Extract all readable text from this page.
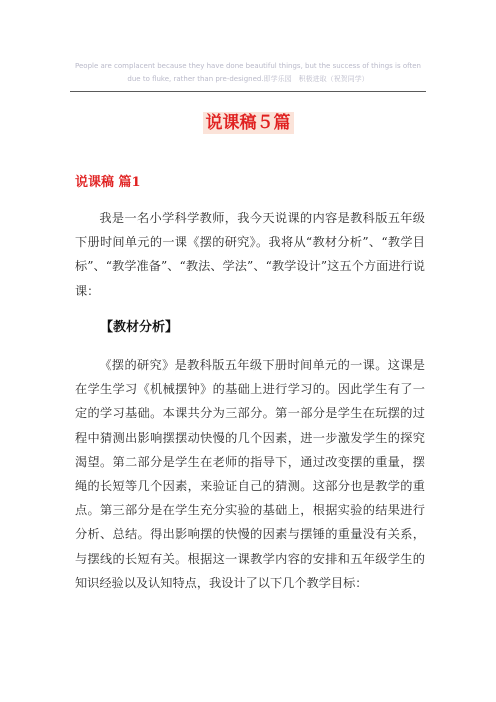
People are complacent because they have done beautiful things, but the success of things is often due to fluke, rather than pre-designed.即学乐园　积极进取（祝贺同学）
说课稿５篇
说课稿 篇1
我是一名小学科学教师，我今天说课的内容是教科版五年级下册时间单元的一课《摆的研究》。我将从“教材分析”、“教学目标”、“教学准备”、“教法、学法”、“教学设计”这五个方面进行说课：
【教材分析】
《摆的研究》是教科版五年级下册时间单元的一课。这课是在学生学习《机械摆钟》的基础上进行学习的。因此学生有了一定的学习基础。本课共分为三部分。第一部分是学生在玩摆的过程中猜测出影响摆摆动快慢的几个因素，进一步激发学生的探究渴望。第二部分是学生在老师的指导下，通过改变摆的重量，摆绳的长短等几个因素，来验证自己的猜测。这部分也是教学的重点。第三部分是在学生充分实验的基础上，根据实验的结果进行分析、总结。得出影响摆的快慢的因素与摆锤的重量没有关系，与摆线的长短有关。根据这一课教学内容的安排和五年级学生的知识经验以及认知特点，我设计了以下几个教学目标：
